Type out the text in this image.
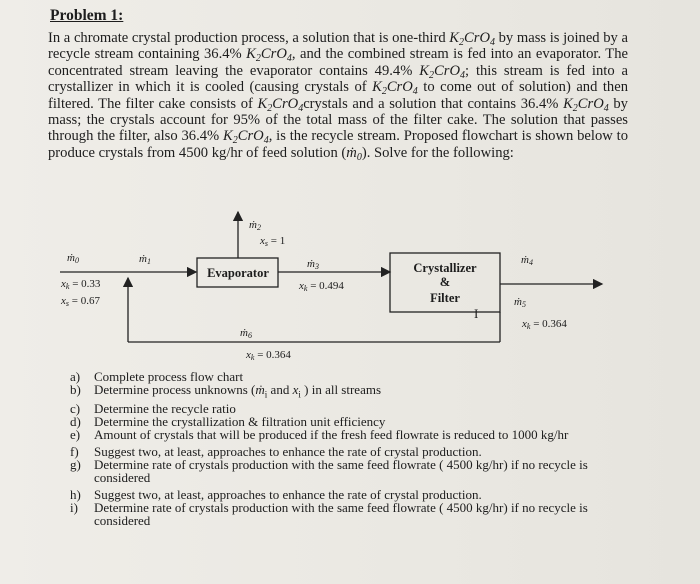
Problem 1:
In a chromate crystal production process, a solution that is one-third $K_2CrO_4$ by mass is joined by a recycle stream containing 36.4% $K_2CrO_4$, and the combined stream is fed into an evaporator. The concentrated stream leaving the evaporator contains 49.4% $K_2CrO_4$; this stream is fed into a crystallizer in which it is cooled (causing crystals of $K_2CrO_4$ to come out of solution) and then filtered. The filter cake consists of $K_2CrO_4crystals$ and a solution that contains 36.4% $K_2CrO_4$ by mass; the crystals account for 95% of the total mass of the filter cake. The solution that passes through the filter, also 36.4% $K_2CrO_4$, is the recycle stream. Proposed flowchart is shown below to produce crystals from 4500 kg/hr of feed solution (ṁ$_0$). Solve for the following:
ṁ$_0$
$x_k = 0.33$
$x_s = 0.67$
ṁ$_1$
ṁ$_2$
$x_s = 1$
Evaporator
ṁ$_3$
$x_k = 0.494$
Crystallizer
&
Filter
I
ṁ$_4$
ṁ$_5$
$x_k = 0.364$
ṁ$_6$
$x_k = 0.364$
a)	Complete process flow chart
b)	Determine process unknowns (ṁ$_i$ and $x_i$ ) in all streams
c)	Determine the recycle ratio
d)	Determine the crystallization & filtration unit efficiency
e)	Amount of crystals that will be produced if the fresh feed flowrate is reduced to 1000 kg/hr
f)	Suggest two, at least, approaches to enhance the rate of crystal production.
g)	Determine rate of crystals production with the same feed flowrate ( 4500 kg/hr) if no recycle is considered
h)	Suggest two, at least, approaches to enhance the rate of crystal production.
i)	Determine rate of crystals production with the same feed flowrate ( 4500 kg/hr) if no recycle is considered
